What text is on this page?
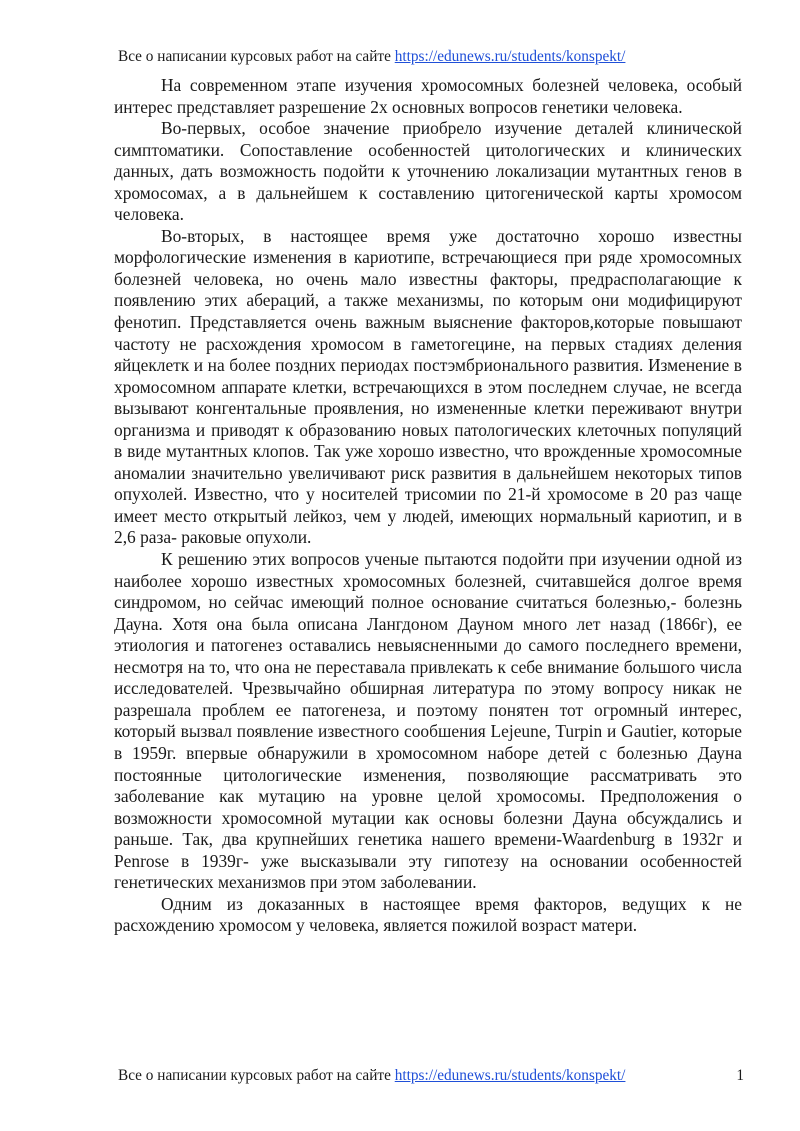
Все о написании курсовых работ на сайте https://edunews.ru/students/konspekt/

На современном этапе изучения хромосомных болезней человека, особый интерес представляет разрешение 2х основных вопросов генетики человека.

Во-первых, особое значение приобрело изучение деталей клинической симптоматики. Сопоставление особенностей цитологических и клинических данных, дать возможность подойти к уточнению локализации мутантных генов в хромосомах, а в дальнейшем к составлению цитогенической карты хромосом человека.

Во-вторых, в настоящее время уже достаточно хорошо известны морфологические изменения в кариотипе, встречающиеся при ряде хромосомных болезней человека, но очень мало известны факторы, предрасполагающие к появлению этих абераций, а также механизмы, по которым они модифицируют фенотип. Представляется очень важным выяснение факторов,которые повышают частоту не расхождения хромосом в гаметогецине, на первых стадиях деления яйцеклетк и на более поздних периодах постэмбрионального развития. Изменение в хромосомном аппарате клетки, встречающихся в этом последнем случае, не всегда вызывают конгентальные проявления, но измененные клетки переживают внутри организма и приводят к образованию новых патологических клеточных популяций в виде мутантных клопов. Так уже хорошо известно, что врожденные хромосомные аномалии значительно увеличивают риск развития в дальнейшем некоторых типов опухолей. Известно, что у носителей трисомии по 21-й хромосоме в 20 раз чаще имеет место открытый лейкоз, чем у людей, имеющих нормальный кариотип, и в 2,6 раза- раковые опухоли.

К решению этих вопросов ученые пытаются подойти при изучении одной из наиболее хорошо известных хромосомных болезней, считавшейся долгое время синдромом, но сейчас имеющий полное основание считаться болезнью,- болезнь Дауна. Хотя она была описана Лангдоном Дауном много лет назад (1866г), ее этиология и патогенез оставались невыясненными до самого последнего времени, несмотря на то, что она не переставала привлекать к себе внимание большого числа исследователей. Чрезвычайно обширная литература по этому вопросу никак не разрешала проблем ее патогенеза, и поэтому понятен тот огромный интерес, который вызвал появление известного сообшения Lejeune, Turpin и Gautier, которые в 1959г. впервые обнаружили в хромосомном наборе детей с болезнью Дауна постоянные цитологические изменения, позволяющие рассматривать это заболевание как мутацию на уровне целой хромосомы. Предположения о возможности хромосомной мутации как основы болезни Дауна обсуждались и раньше. Так, два крупнейших генетика нашего времени-Waardenburg в 1932г и Penrose в 1939г- уже высказывали эту гипотезу на основании особенностей генетических механизмов при этом заболевании.

Одним из доказанных в настоящее время факторов, ведущих к не расхождению хромосом у человека, является пожилой возраст матери.

Все о написании курсовых работ на сайте https://edunews.ru/students/konspekt/	1
